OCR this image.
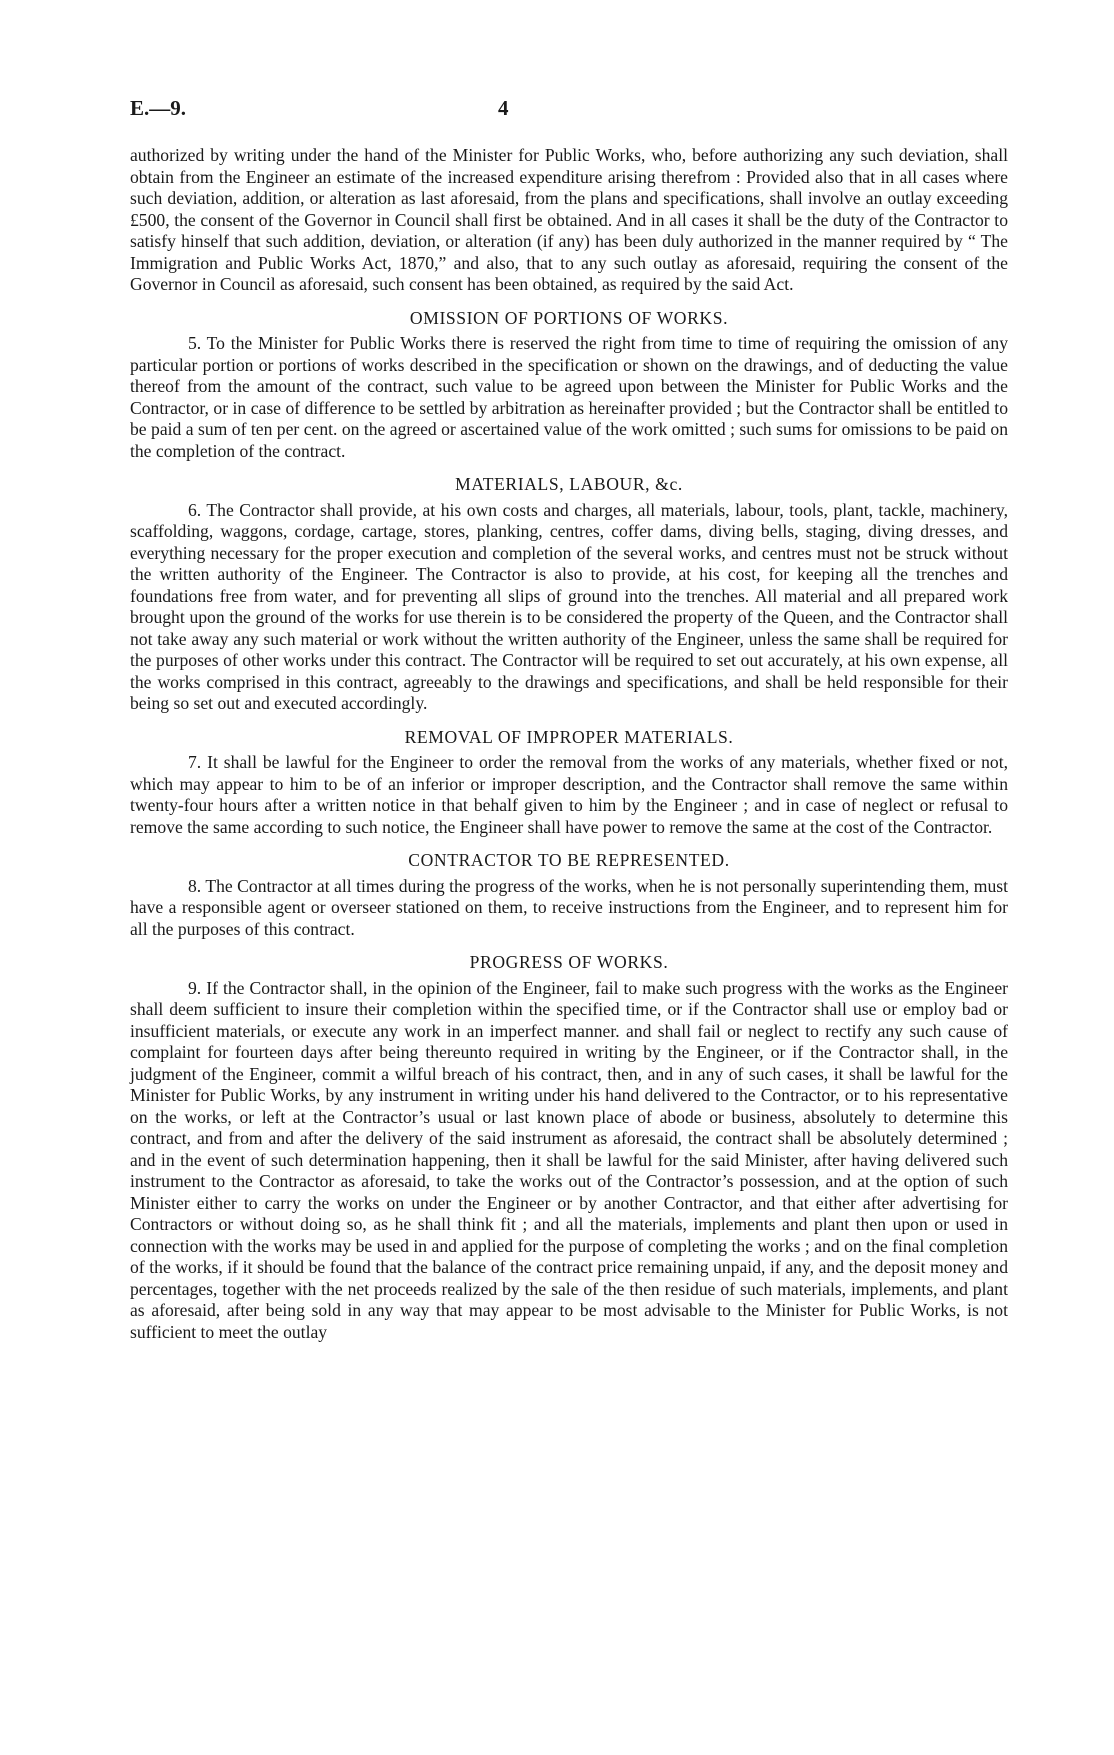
E.—9.	4

authorized by writing under the hand of the Minister for Public Works, who, before authorizing any such deviation, shall obtain from the Engineer an estimate of the increased expenditure arising therefrom : Provided also that in all cases where such deviation, addition, or alteration as last aforesaid, from the plans and specifications, shall involve an outlay exceeding £500, the consent of the Governor in Council shall first be obtained. And in all cases it shall be the duty of the Contractor to satisfy hinself that such addition, deviation, or alteration (if any) has been duly authorized in the manner required by “ The Immigration and Public Works Act, 1870,” and also, that to any such outlay as aforesaid, requiring the consent of the Governor in Council as aforesaid, such consent has been obtained, as required by the said Act.

OMISSION OF PORTIONS OF WORKS.

5. To the Minister for Public Works there is reserved the right from time to time of requiring the omission of any particular portion or portions of works described in the specification or shown on the drawings, and of deducting the value thereof from the amount of the contract, such value to be agreed upon between the Minister for Public Works and the Contractor, or in case of difference to be settled by arbitration as hereinafter provided ; but the Contractor shall be entitled to be paid a sum of ten per cent. on the agreed or ascertained value of the work omitted ; such sums for omissions to be paid on the completion of the contract.

MATERIALS, LABOUR, &c.

6. The Contractor shall provide, at his own costs and charges, all materials, labour, tools, plant, tackle, machinery, scaffolding, waggons, cordage, cartage, stores, planking, centres, coffer dams, diving bells, staging, diving dresses, and everything necessary for the proper execution and completion of the several works, and centres must not be struck without the written authority of the Engineer. The Contractor is also to provide, at his cost, for keeping all the trenches and foundations free from water, and for preventing all slips of ground into the trenches. All material and all prepared work brought upon the ground of the works for use therein is to be considered the property of the Queen, and the Contractor shall not take away any such material or work without the written authority of the Engineer, unless the same shall be required for the purposes of other works under this contract. The Contractor will be required to set out accurately, at his own expense, all the works comprised in this contract, agreeably to the drawings and specifications, and shall be held responsible for their being so set out and executed accordingly.

REMOVAL OF IMPROPER MATERIALS.

7. It shall be lawful for the Engineer to order the removal from the works of any materials, whether fixed or not, which may appear to him to be of an inferior or improper description, and the Contractor shall remove the same within twenty-four hours after a written notice in that behalf given to him by the Engineer ; and in case of neglect or refusal to remove the same according to such notice, the Engineer shall have power to remove the same at the cost of the Contractor.

CONTRACTOR TO BE REPRESENTED.

8. The Contractor at all times during the progress of the works, when he is not personally superintending them, must have a responsible agent or overseer stationed on them, to receive instructions from the Engineer, and to represent him for all the purposes of this contract.

PROGRESS OF WORKS.

9. If the Contractor shall, in the opinion of the Engineer, fail to make such progress with the works as the Engineer shall deem sufficient to insure their completion within the specified time, or if the Contractor shall use or employ bad or insufficient materials, or execute any work in an imperfect manner. and shall fail or neglect to rectify any such cause of complaint for fourteen days after being thereunto required in writing by the Engineer, or if the Contractor shall, in the judgment of the Engineer, commit a wilful breach of his contract, then, and in any of such cases, it shall be lawful for the Minister for Public Works, by any instrument in writing under his hand delivered to the Contractor, or to his representative on the works, or left at the Contractor’s usual or last known place of abode or business, absolutely to determine this contract, and from and after the delivery of the said instrument as aforesaid, the contract shall be absolutely determined ; and in the event of such determination happening, then it shall be lawful for the said Minister, after having delivered such instrument to the Contractor as aforesaid, to take the works out of the Contractor’s possession, and at the option of such Minister either to carry the works on under the Engineer or by another Contractor, and that either after advertising for Contractors or without doing so, as he shall think fit ; and all the materials, implements and plant then upon or used in connection with the works may be used in and applied for the purpose of completing the works ; and on the final completion of the works, if it should be found that the balance of the contract price remaining unpaid, if any, and the deposit money and percentages, together with the net proceeds realized by the sale of the then residue of such materials, implements, and plant as aforesaid, after being sold in any way that may appear to be most advisable to the Minister for Public Works, is not sufficient to meet the outlay
